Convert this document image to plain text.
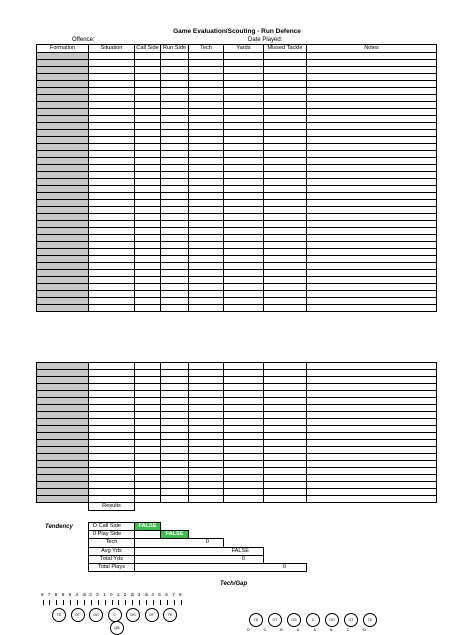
Game Evaluation/Scouting - Run Defence
Offence:	Date Played:
Formation	Situation	Call Side	Run Side	Tech	Yards	Missed Tackle	Notes

	Results						
Tendency	D Call Side	FALSE				
0 Play Side		FALSE			
Tech	0				
Avg Yds	FALSE				
Total Yds	0				
Total Plays	0				
Tech/Gap
8 7 6 9 5 4 4i 3 2 1 0 1 2 2i 3 4i 4 5 6 7 8
TE	OT	OG	C	OG	OT	TE
QB
TE	OT	OG	C	OG	OT	TE
D	C	B	A	A	B	C	D
